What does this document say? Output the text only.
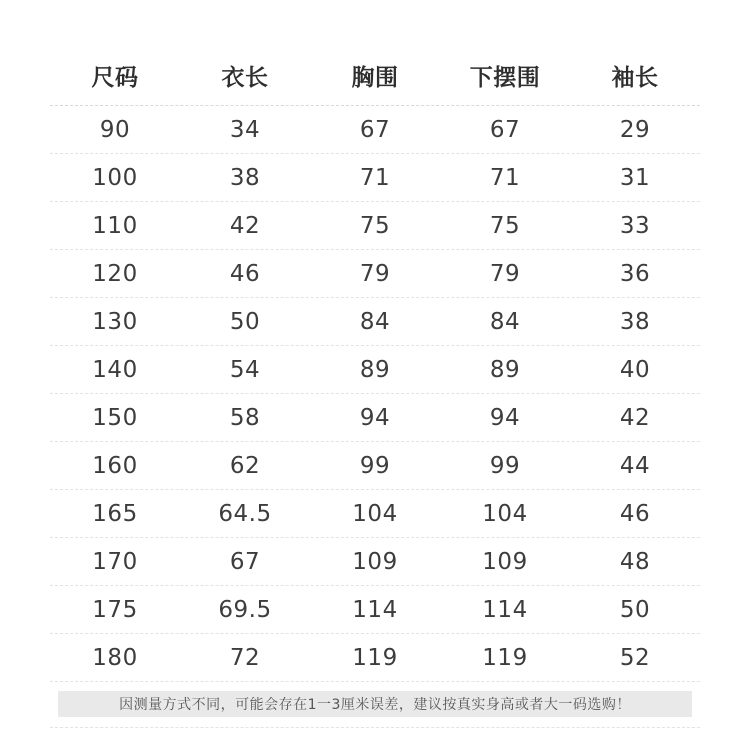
尺码	衣长	胸围	下摆围	袖长
90	34	67	67	29
100	38	71	71	31
110	42	75	75	33
120	46	79	79	36
130	50	84	84	38
140	54	89	89	40
150	58	94	94	42
160	62	99	99	44
165	64.5	104	104	46
170	67	109	109	48
175	69.5	114	114	50
180	72	119	119	52
因测量方式不同，可能会存在1一3厘米误差，建议按真实身高或者大一码选购！
